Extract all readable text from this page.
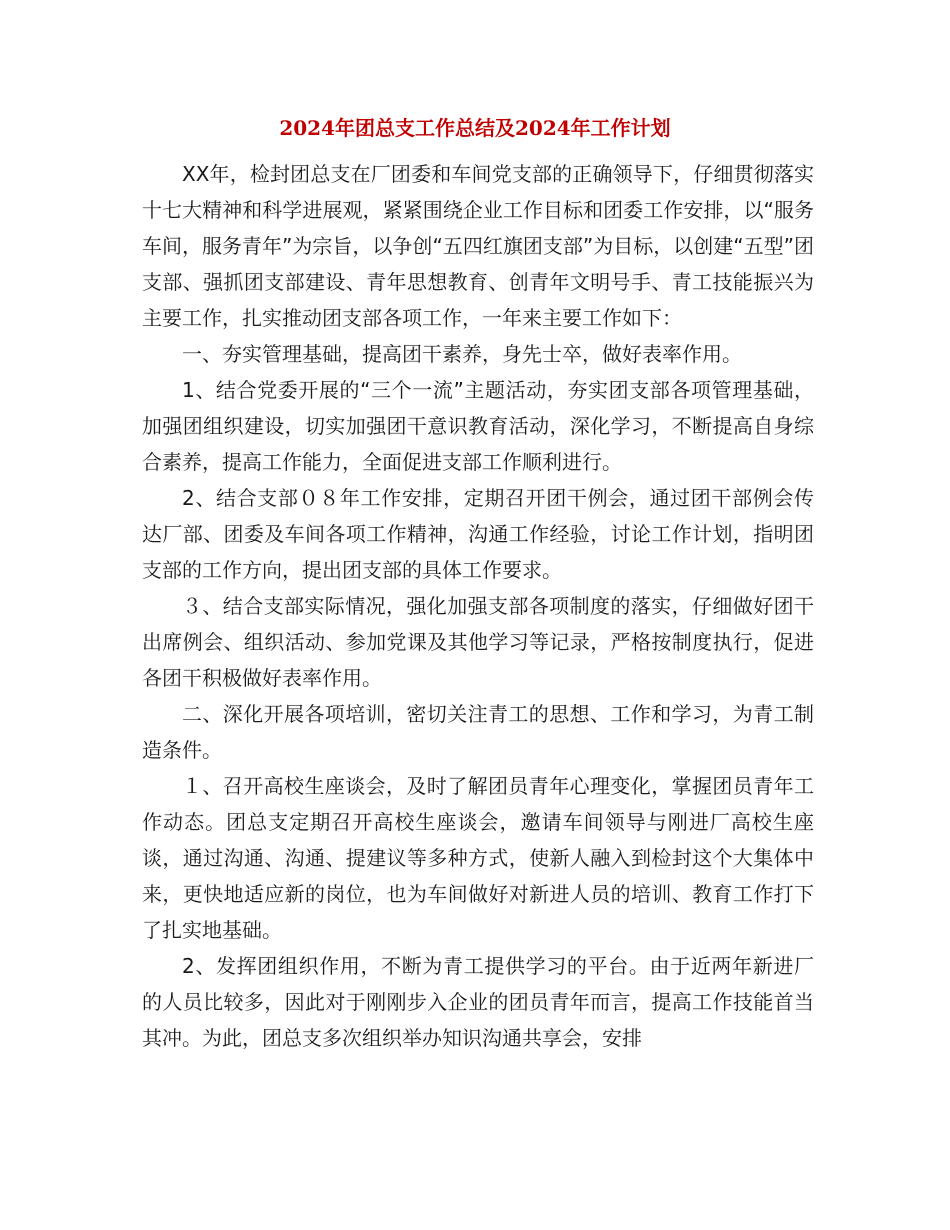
2024年团总支工作总结及2024年工作计划

XX年，检封团总支在厂团委和车间党支部的正确领导下，仔细贯彻落实十七大精神和科学进展观，紧紧围绕企业工作目标和团委工作安排，以“服务车间，服务青年”为宗旨，以争创“五四红旗团支部”为目标，以创建“五型”团支部、强抓团支部建设、青年思想教育、创青年文明号手、青工技能振兴为主要工作，扎实推动团支部各项工作，一年来主要工作如下：

一、夯实管理基础，提高团干素养，身先士卒，做好表率作用。

1、结合党委开展的“三个一流”主题活动，夯实团支部各项管理基础，加强团组织建设，切实加强团干意识教育活动，深化学习，不断提高自身综合素养，提高工作能力，全面促进支部工作顺利进行。

2、结合支部０８年工作安排，定期召开团干例会，通过团干部例会传达厂部、团委及车间各项工作精神，沟通工作经验，讨论工作计划，指明团支部的工作方向，提出团支部的具体工作要求。

３、结合支部实际情况，强化加强支部各项制度的落实，仔细做好团干出席例会、组织活动、参加党课及其他学习等记录，严格按制度执行，促进各团干积极做好表率作用。

二、深化开展各项培训，密切关注青工的思想、工作和学习，为青工制造条件。

１、召开高校生座谈会，及时了解团员青年心理变化，掌握团员青年工作动态。团总支定期召开高校生座谈会，邀请车间领导与刚进厂高校生座谈，通过沟通、沟通、提建议等多种方式，使新人融入到检封这个大集体中来，更快地适应新的岗位，也为车间做好对新进人员的培训、教育工作打下了扎实地基础。

2、发挥团组织作用，不断为青工提供学习的平台。由于近两年新进厂的人员比较多，因此对于刚刚步入企业的团员青年而言，提高工作技能首当其冲。为此，团总支多次组织举办知识沟通共享会，安排
